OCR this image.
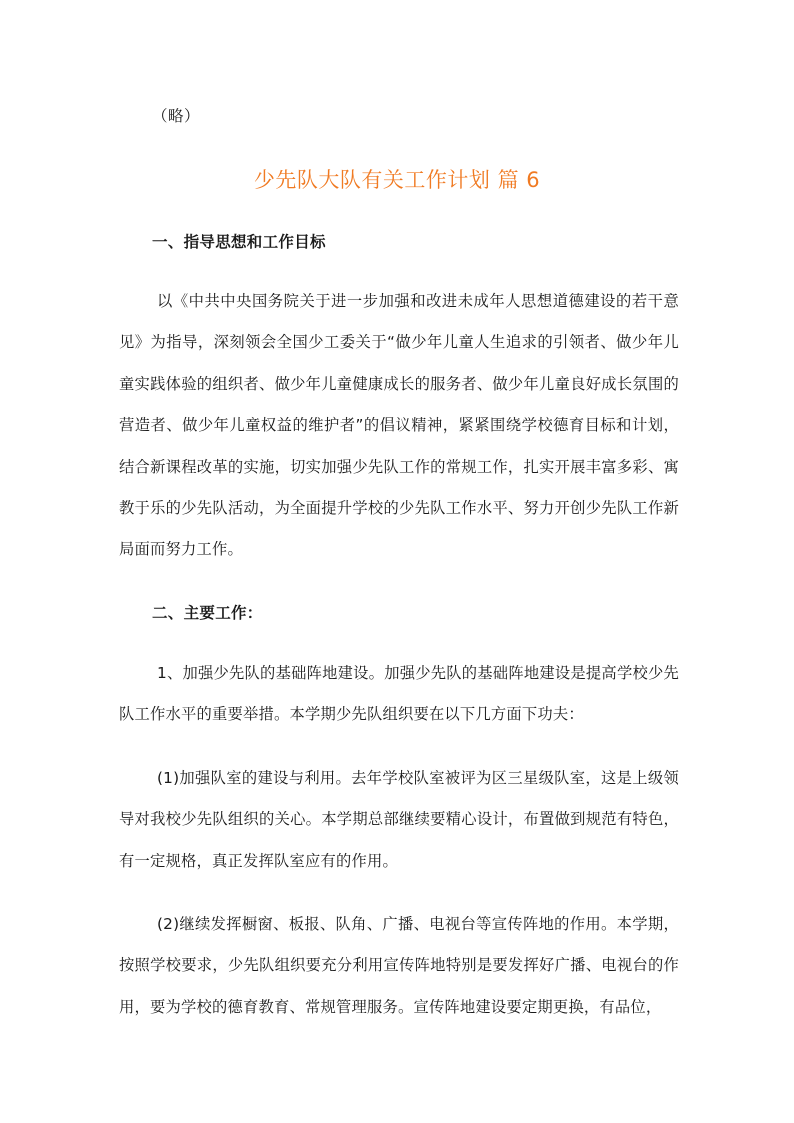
（略）
少先队大队有关工作计划 篇 6
一、指导思想和工作目标

以《中共中央国务院关于进一步加强和改进未成年人思想道德建设的若干意见》为指导，深刻领会全国少工委关于“做少年儿童人生追求的引领者、做少年儿童实践体验的组织者、做少年儿童健康成长的服务者、做少年儿童良好成长氛围的营造者、做少年儿童权益的维护者”的倡议精神，紧紧围绕学校德育目标和计划，结合新课程改革的实施，切实加强少先队工作的常规工作，扎实开展丰富多彩、寓教于乐的少先队活动，为全面提升学校的少先队工作水平、努力开创少先队工作新局面而努力工作。

二、主要工作：

1、加强少先队的基础阵地建设。加强少先队的基础阵地建设是提高学校少先队工作水平的重要举措。本学期少先队组织要在以下几方面下功夫：

(1)加强队室的建设与利用。去年学校队室被评为区三星级队室，这是上级领导对我校少先队组织的关心。本学期总部继续要精心设计，布置做到规范有特色，有一定规格，真正发挥队室应有的作用。

(2)继续发挥橱窗、板报、队角、广播、电视台等宣传阵地的作用。本学期，按照学校要求，少先队组织要充分利用宣传阵地特别是要发挥好广播、电视台的作用，要为学校的德育教育、常规管理服务。宣传阵地建设要定期更换，有品位，
